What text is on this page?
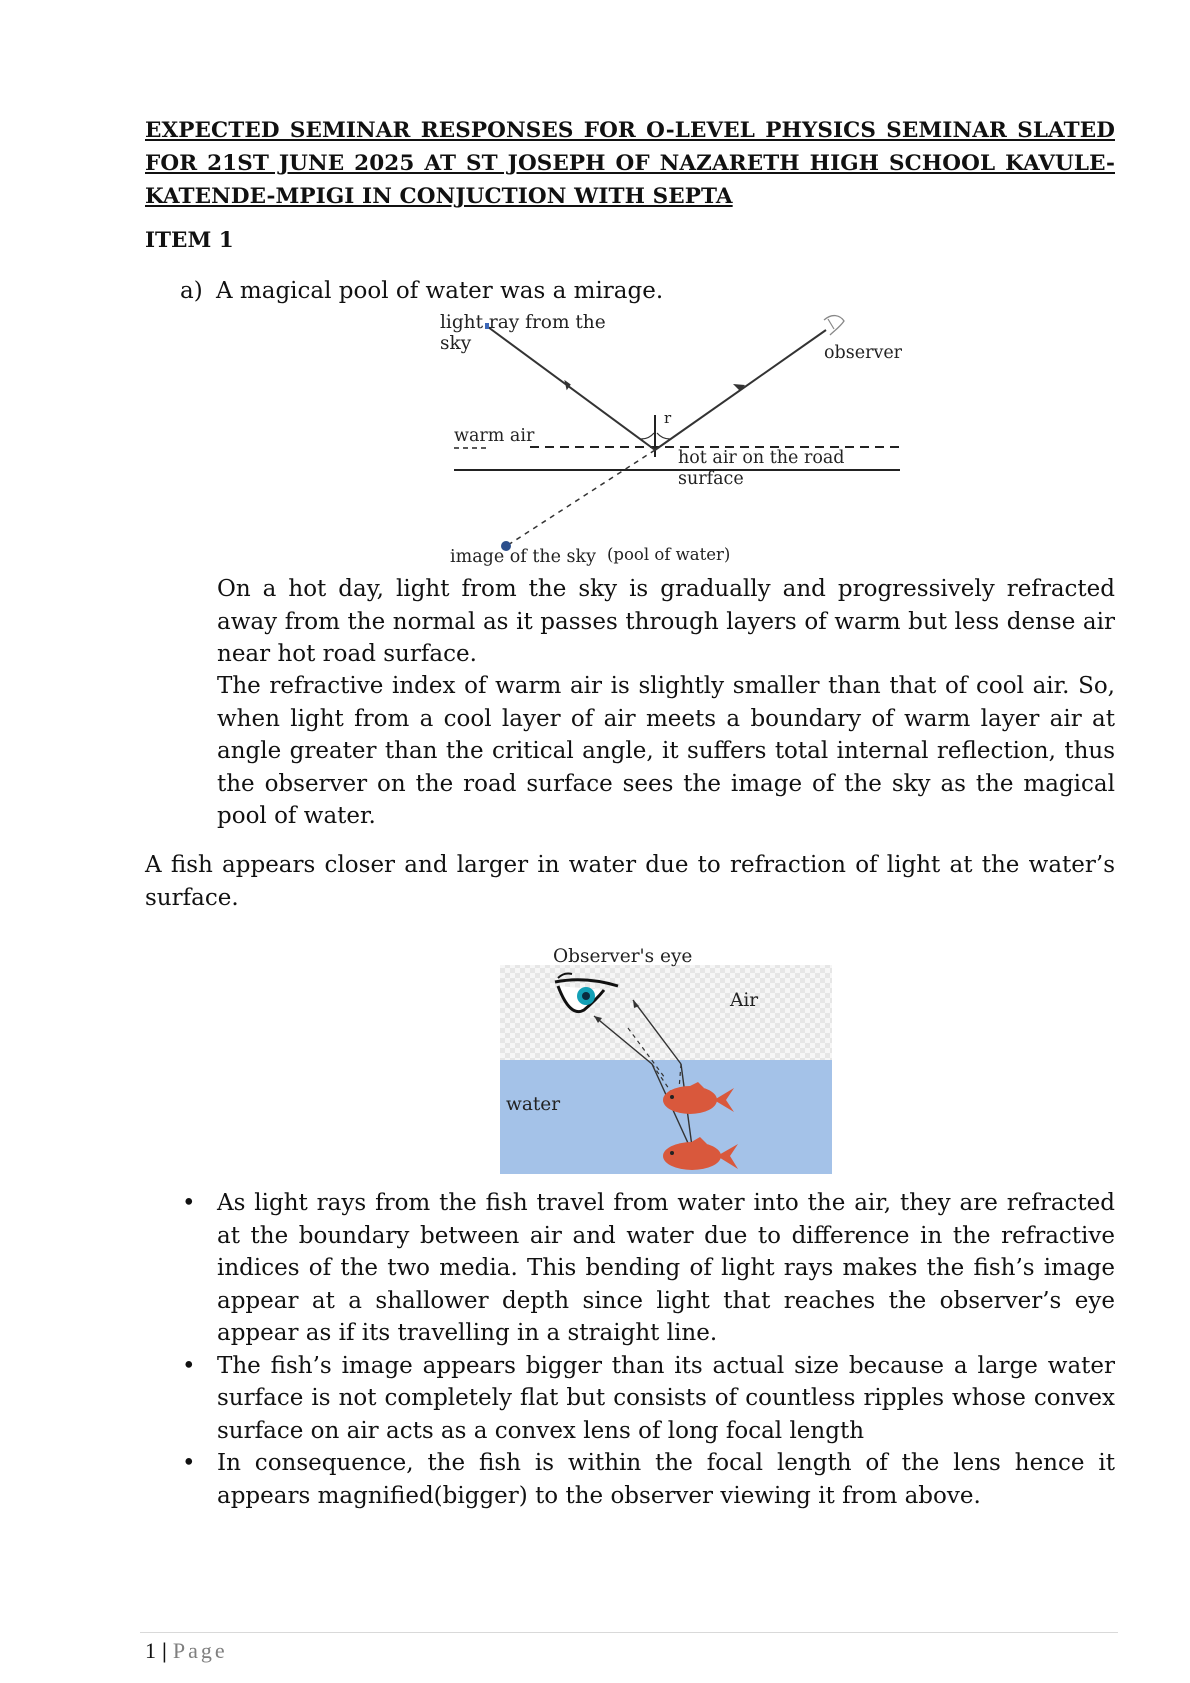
EXPECTED SEMINAR RESPONSES FOR O-LEVEL PHYSICS SEMINAR SLATED FOR 21ST JUNE 2025 AT ST JOSEPH OF NAZARETH HIGH SCHOOL KAVULE-KATENDE-MPIGI IN CONJUCTION WITH SEPTA
ITEM 1
a) A magical pool of water was a mirage.
light ray from the
sky	observer
warm air
hot air on the road
surface
r
image of the sky (pool of water)
On a hot day, light from the sky is gradually and progressively refracted away from the normal as it passes through layers of warm but less dense air near hot road surface.
The refractive index of warm air is slightly smaller than that of cool air. So, when light from a cool layer of air meets a boundary of warm layer air at angle greater than the critical angle, it suffers total internal reflection, thus the observer on the road surface sees the image of the sky as the magical pool of water.
A fish appears closer and larger in water due to refraction of light at the water’s surface.
Observer's eye
Air
water
• As light rays from the fish travel from water into the air, they are refracted at the boundary between air and water due to difference in the refractive indices of the two media. This bending of light rays makes the fish’s image appear at a shallower depth since light that reaches the observer’s eye appear as if its travelling in a straight line.
• The fish’s image appears bigger than its actual size because a large water surface is not completely flat but consists of countless ripples whose convex surface on air acts as a convex lens of long focal length
• In consequence, the fish is within the focal length of the lens hence it appears magnified(bigger) to the observer viewing it from above.
1 | Page
